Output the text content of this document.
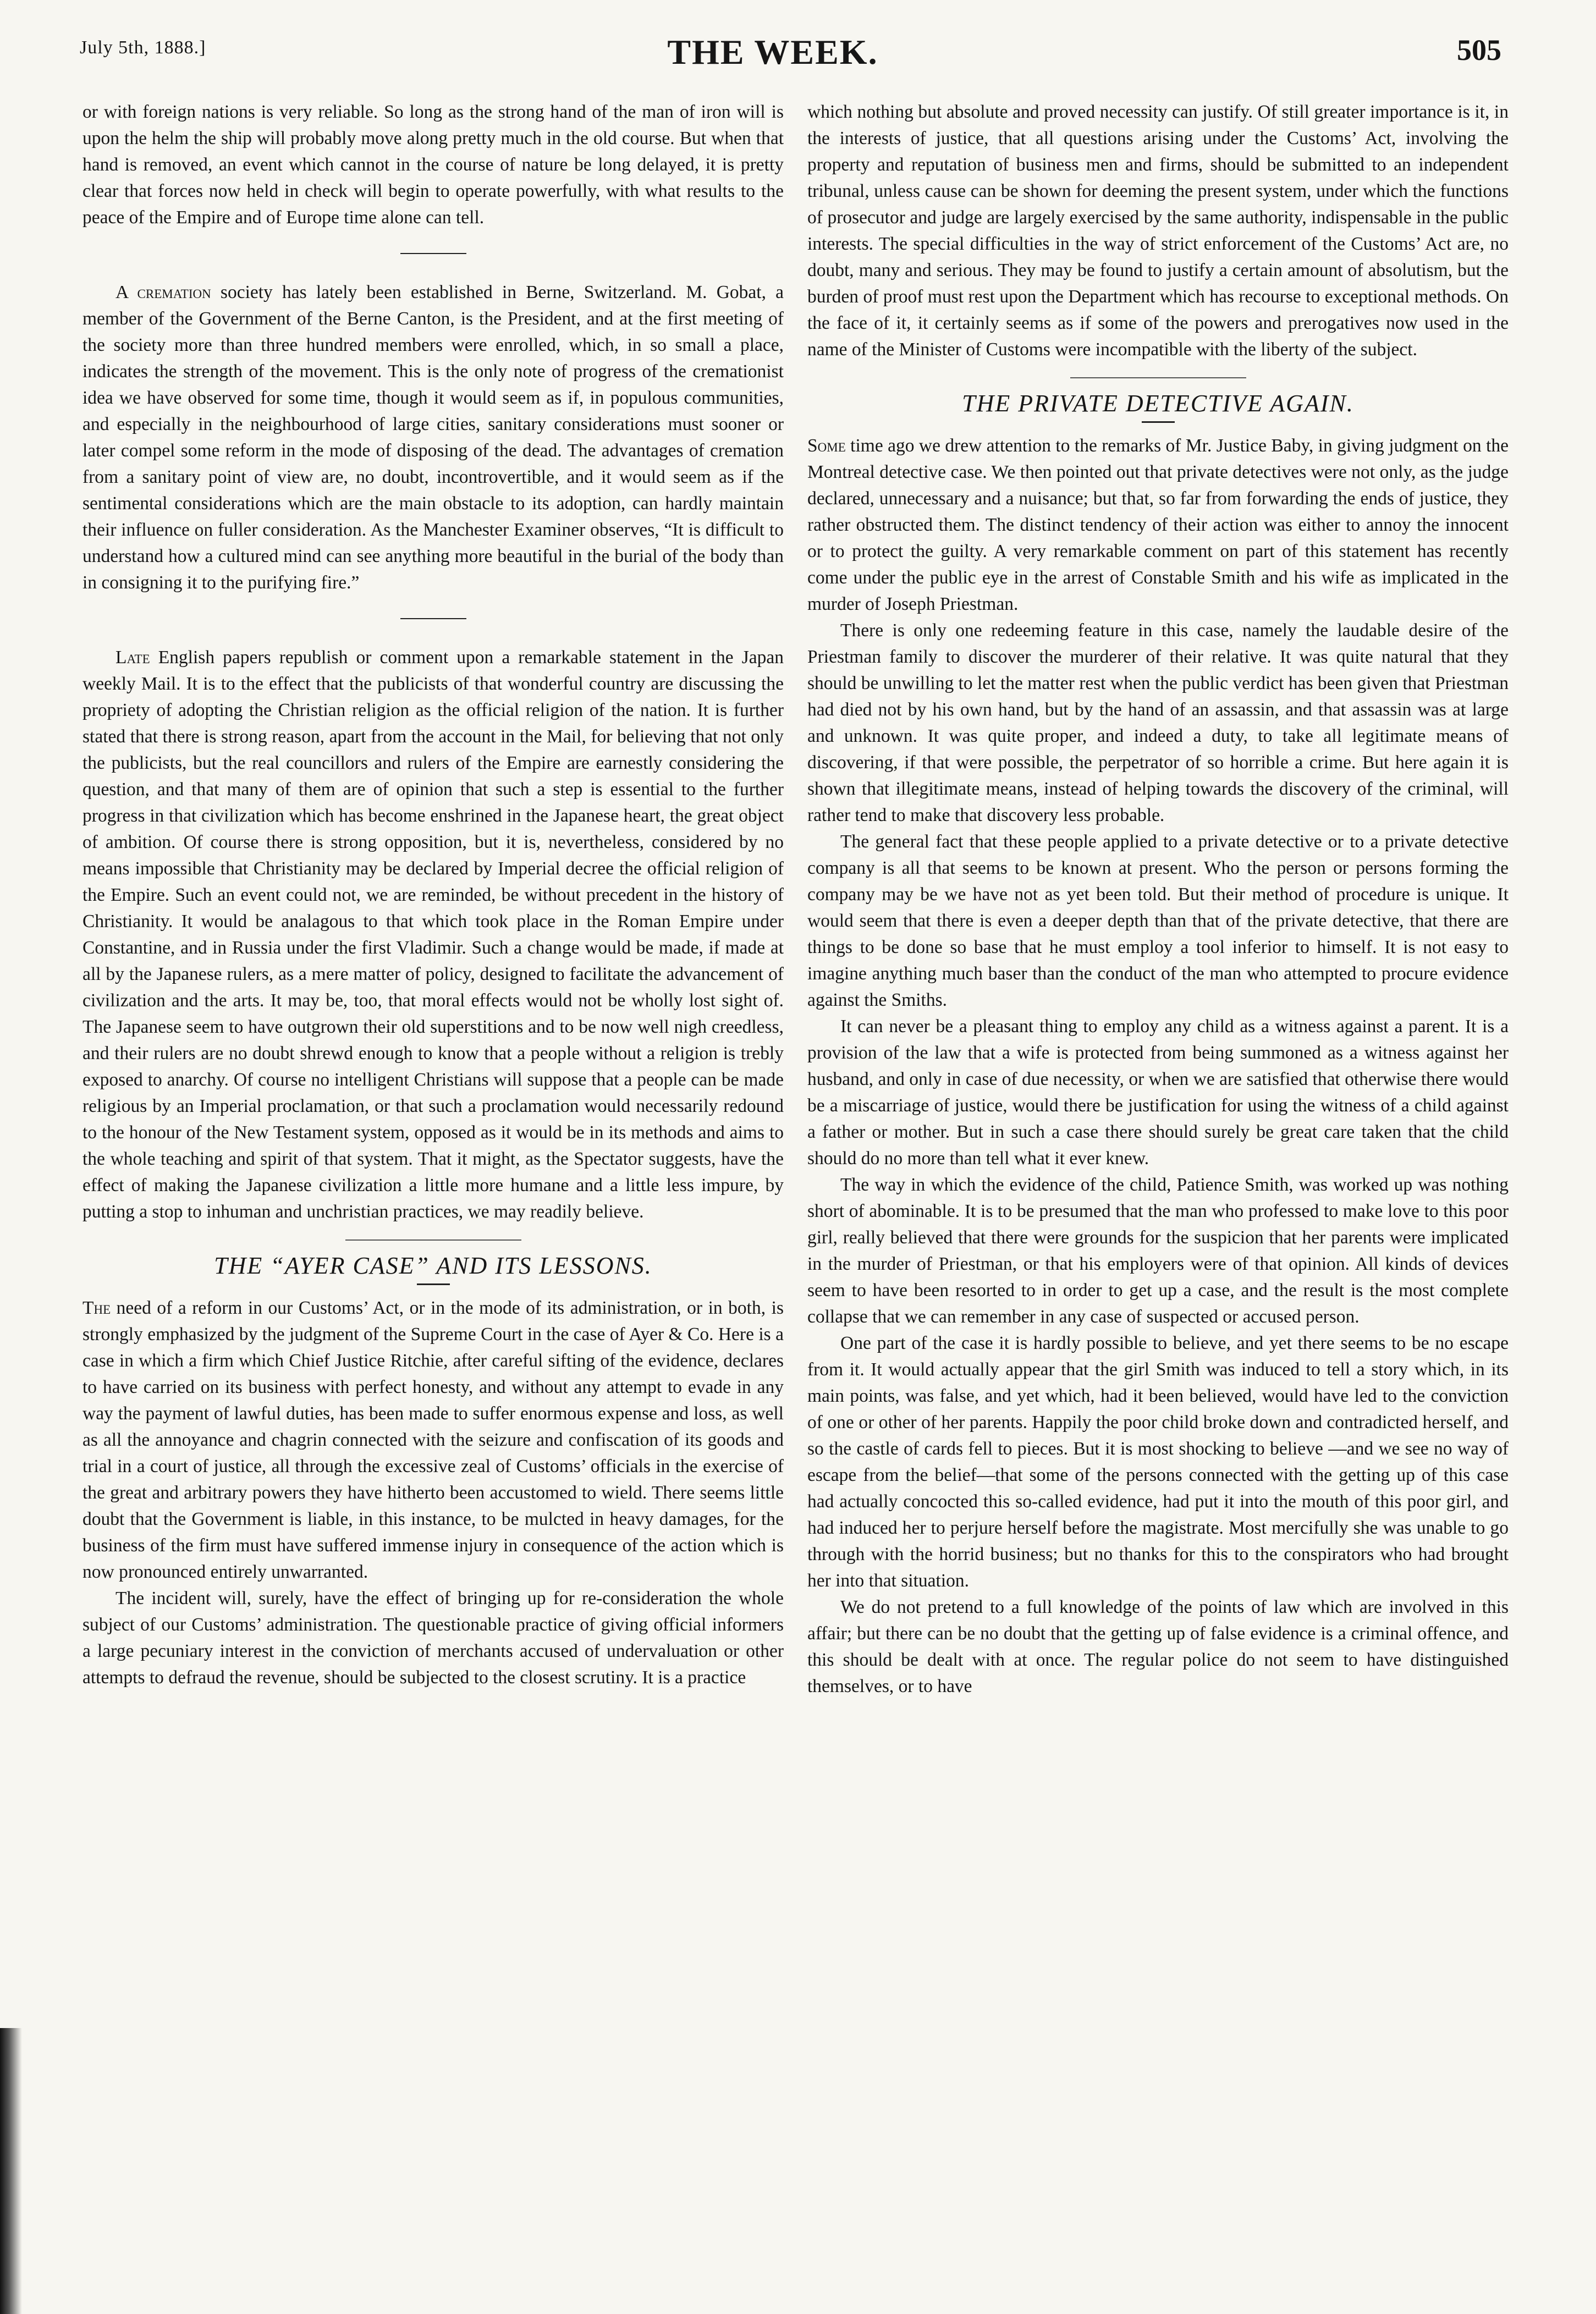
July 5th, 1888.]	THE WEEK.	505

or with foreign nations is very reliable. So long as the strong hand of the man of iron will is upon the helm the ship will probably move along pretty much in the old course. But when that hand is removed, an event which cannot in the course of nature be long delayed, it is pretty clear that forces now held in check will begin to operate powerfully, with what results to the peace of the Empire and of Europe time alone can tell.

A cremation society has lately been established in Berne, Switzerland. M. Gobat, a member of the Government of the Berne Canton, is the President, and at the first meeting of the society more than three hundred members were enrolled, which, in so small a place, indicates the strength of the movement. This is the only note of progress of the cremationist idea we have observed for some time, though it would seem as if, in populous communities, and especially in the neighbourhood of large cities, sanitary considerations must sooner or later compel some reform in the mode of disposing of the dead. The advantages of cremation from a sanitary point of view are, no doubt, incontrovertible, and it would seem as if the sentimental considerations which are the main obstacle to its adoption, can hardly maintain their influence on fuller consideration. As the Manchester Examiner observes, “It is difficult to understand how a cultured mind can see anything more beautiful in the burial of the body than in consigning it to the purifying fire.”

Late English papers republish or comment upon a remarkable statement in the Japan weekly Mail. It is to the effect that the publicists of that wonderful country are discussing the propriety of adopting the Christian religion as the official religion of the nation. It is further stated that there is strong reason, apart from the account in the Mail, for believing that not only the publicists, but the real councillors and rulers of the Empire are earnestly considering the question, and that many of them are of opinion that such a step is essential to the further progress in that civilization which has become enshrined in the Japanese heart, the great object of ambition. Of course there is strong opposition, but it is, nevertheless, considered by no means impossible that Christianity may be declared by Imperial decree the official religion of the Empire. Such an event could not, we are reminded, be without precedent in the history of Christianity. It would be analagous to that which took place in the Roman Empire under Constantine, and in Russia under the first Vladimir. Such a change would be made, if made at all by the Japanese rulers, as a mere matter of policy, designed to facilitate the advancement of civilization and the arts. It may be, too, that moral effects would not be wholly lost sight of. The Japanese seem to have outgrown their old superstitions and to be now well nigh creedless, and their rulers are no doubt shrewd enough to know that a people without a religion is trebly exposed to anarchy. Of course no intelligent Christians will suppose that a people can be made religious by an Imperial proclamation, or that such a proclamation would necessarily redound to the honour of the New Testament system, opposed as it would be in its methods and aims to the whole teaching and spirit of that system. That it might, as the Spectator suggests, have the effect of making the Japanese civilization a little more humane and a little less impure, by putting a stop to inhuman and unchristian practices, we may readily believe.

THE “AYER CASE” AND ITS LESSONS.

The need of a reform in our Customs’ Act, or in the mode of its administration, or in both, is strongly emphasized by the judgment of the Supreme Court in the case of Ayer & Co. Here is a case in which a firm which Chief Justice Ritchie, after careful sifting of the evidence, declares to have carried on its business with perfect honesty, and without any attempt to evade in any way the payment of lawful duties, has been made to suffer enormous expense and loss, as well as all the annoyance and chagrin connected with the seizure and confiscation of its goods and trial in a court of justice, all through the excessive zeal of Customs’ officials in the exercise of the great and arbitrary powers they have hitherto been accustomed to wield. There seems little doubt that the Government is liable, in this instance, to be mulcted in heavy damages, for the business of the firm must have suffered immense injury in consequence of the action which is now pronounced entirely unwarranted.

The incident will, surely, have the effect of bringing up for re-consideration the whole subject of our Customs’ administration. The questionable practice of giving official informers a large pecuniary interest in the conviction of merchants accused of undervaluation or other attempts to defraud the revenue, should be subjected to the closest scrutiny. It is a practice

which nothing but absolute and proved necessity can justify. Of still greater importance is it, in the interests of justice, that all questions arising under the Customs’ Act, involving the property and reputation of business men and firms, should be submitted to an independent tribunal, unless cause can be shown for deeming the present system, under which the functions of prosecutor and judge are largely exercised by the same authority, indispensable in the public interests. The special difficulties in the way of strict enforcement of the Customs’ Act are, no doubt, many and serious. They may be found to justify a certain amount of absolutism, but the burden of proof must rest upon the Department which has recourse to exceptional methods. On the face of it, it certainly seems as if some of the powers and prerogatives now used in the name of the Minister of Customs were incompatible with the liberty of the subject.

THE PRIVATE DETECTIVE AGAIN.

Some time ago we drew attention to the remarks of Mr. Justice Baby, in giving judgment on the Montreal detective case. We then pointed out that private detectives were not only, as the judge declared, unnecessary and a nuisance; but that, so far from forwarding the ends of justice, they rather obstructed them. The distinct tendency of their action was either to annoy the innocent or to protect the guilty. A very remarkable comment on part of this statement has recently come under the public eye in the arrest of Constable Smith and his wife as implicated in the murder of Joseph Priestman.

There is only one redeeming feature in this case, namely the laudable desire of the Priestman family to discover the murderer of their relative. It was quite natural that they should be unwilling to let the matter rest when the public verdict has been given that Priestman had died not by his own hand, but by the hand of an assassin, and that assassin was at large and unknown. It was quite proper, and indeed a duty, to take all legitimate means of discovering, if that were possible, the perpetrator of so horrible a crime. But here again it is shown that illegitimate means, instead of helping towards the discovery of the criminal, will rather tend to make that discovery less probable.

The general fact that these people applied to a private detective or to a private detective company is all that seems to be known at present. Who the person or persons forming the company may be we have not as yet been told. But their method of procedure is unique. It would seem that there is even a deeper depth than that of the private detective, that there are things to be done so base that he must employ a tool inferior to himself. It is not easy to imagine anything much baser than the conduct of the man who attempted to procure evidence against the Smiths.

It can never be a pleasant thing to employ any child as a witness against a parent. It is a provision of the law that a wife is protected from being summoned as a witness against her husband, and only in case of due necessity, or when we are satisfied that otherwise there would be a miscarriage of justice, would there be justification for using the witness of a child against a father or mother. But in such a case there should surely be great care taken that the child should do no more than tell what it ever knew.

The way in which the evidence of the child, Patience Smith, was worked up was nothing short of abominable. It is to be presumed that the man who professed to make love to this poor girl, really believed that there were grounds for the suspicion that her parents were implicated in the murder of Priestman, or that his employers were of that opinion. All kinds of devices seem to have been resorted to in order to get up a case, and the result is the most complete collapse that we can remember in any case of suspected or accused person.

One part of the case it is hardly possible to believe, and yet there seems to be no escape from it. It would actually appear that the girl Smith was induced to tell a story which, in its main points, was false, and yet which, had it been believed, would have led to the conviction of one or other of her parents. Happily the poor child broke down and contradicted herself, and so the castle of cards fell to pieces. But it is most shocking to believe —and we see no way of escape from the belief—that some of the persons connected with the getting up of this case had actually concocted this so-called evidence, had put it into the mouth of this poor girl, and had induced her to perjure herself before the magistrate. Most mercifully she was unable to go through with the horrid business; but no thanks for this to the conspirators who had brought her into that situation.

We do not pretend to a full knowledge of the points of law which are involved in this affair; but there can be no doubt that the getting up of false evidence is a criminal offence, and this should be dealt with at once. The regular police do not seem to have distinguished themselves, or to have
